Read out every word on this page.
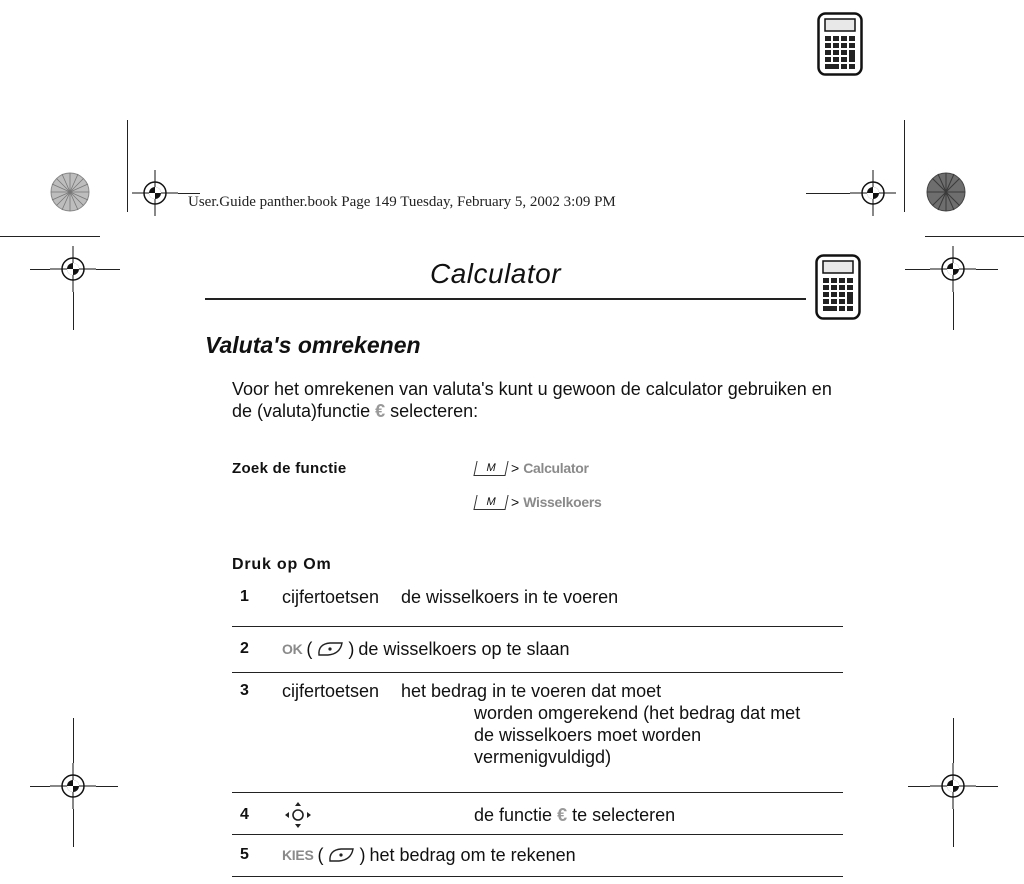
User.Guide panther.book Page 149 Tuesday, February 5, 2002 3:09 PM
Calculator
Valuta's omrekenen
Voor het omrekenen van valuta's kunt u gewoon de calculator gebruiken en de (valuta)functie € selecteren:
Zoek de functie	M	> Calculator
M	> Wisselkoers
Druk op Om
1 cijfertoetsen de wisselkoers in te voeren
2 OK ( ) de wisselkoers op te slaan
3 cijfertoetsen het bedrag in te voeren dat moet
worden omgerekend (het bedrag dat met de wisselkoers moet worden vermenigvuldigd)
4	de functie € te selecteren
5 KIES ( ) het bedrag om te rekenen
